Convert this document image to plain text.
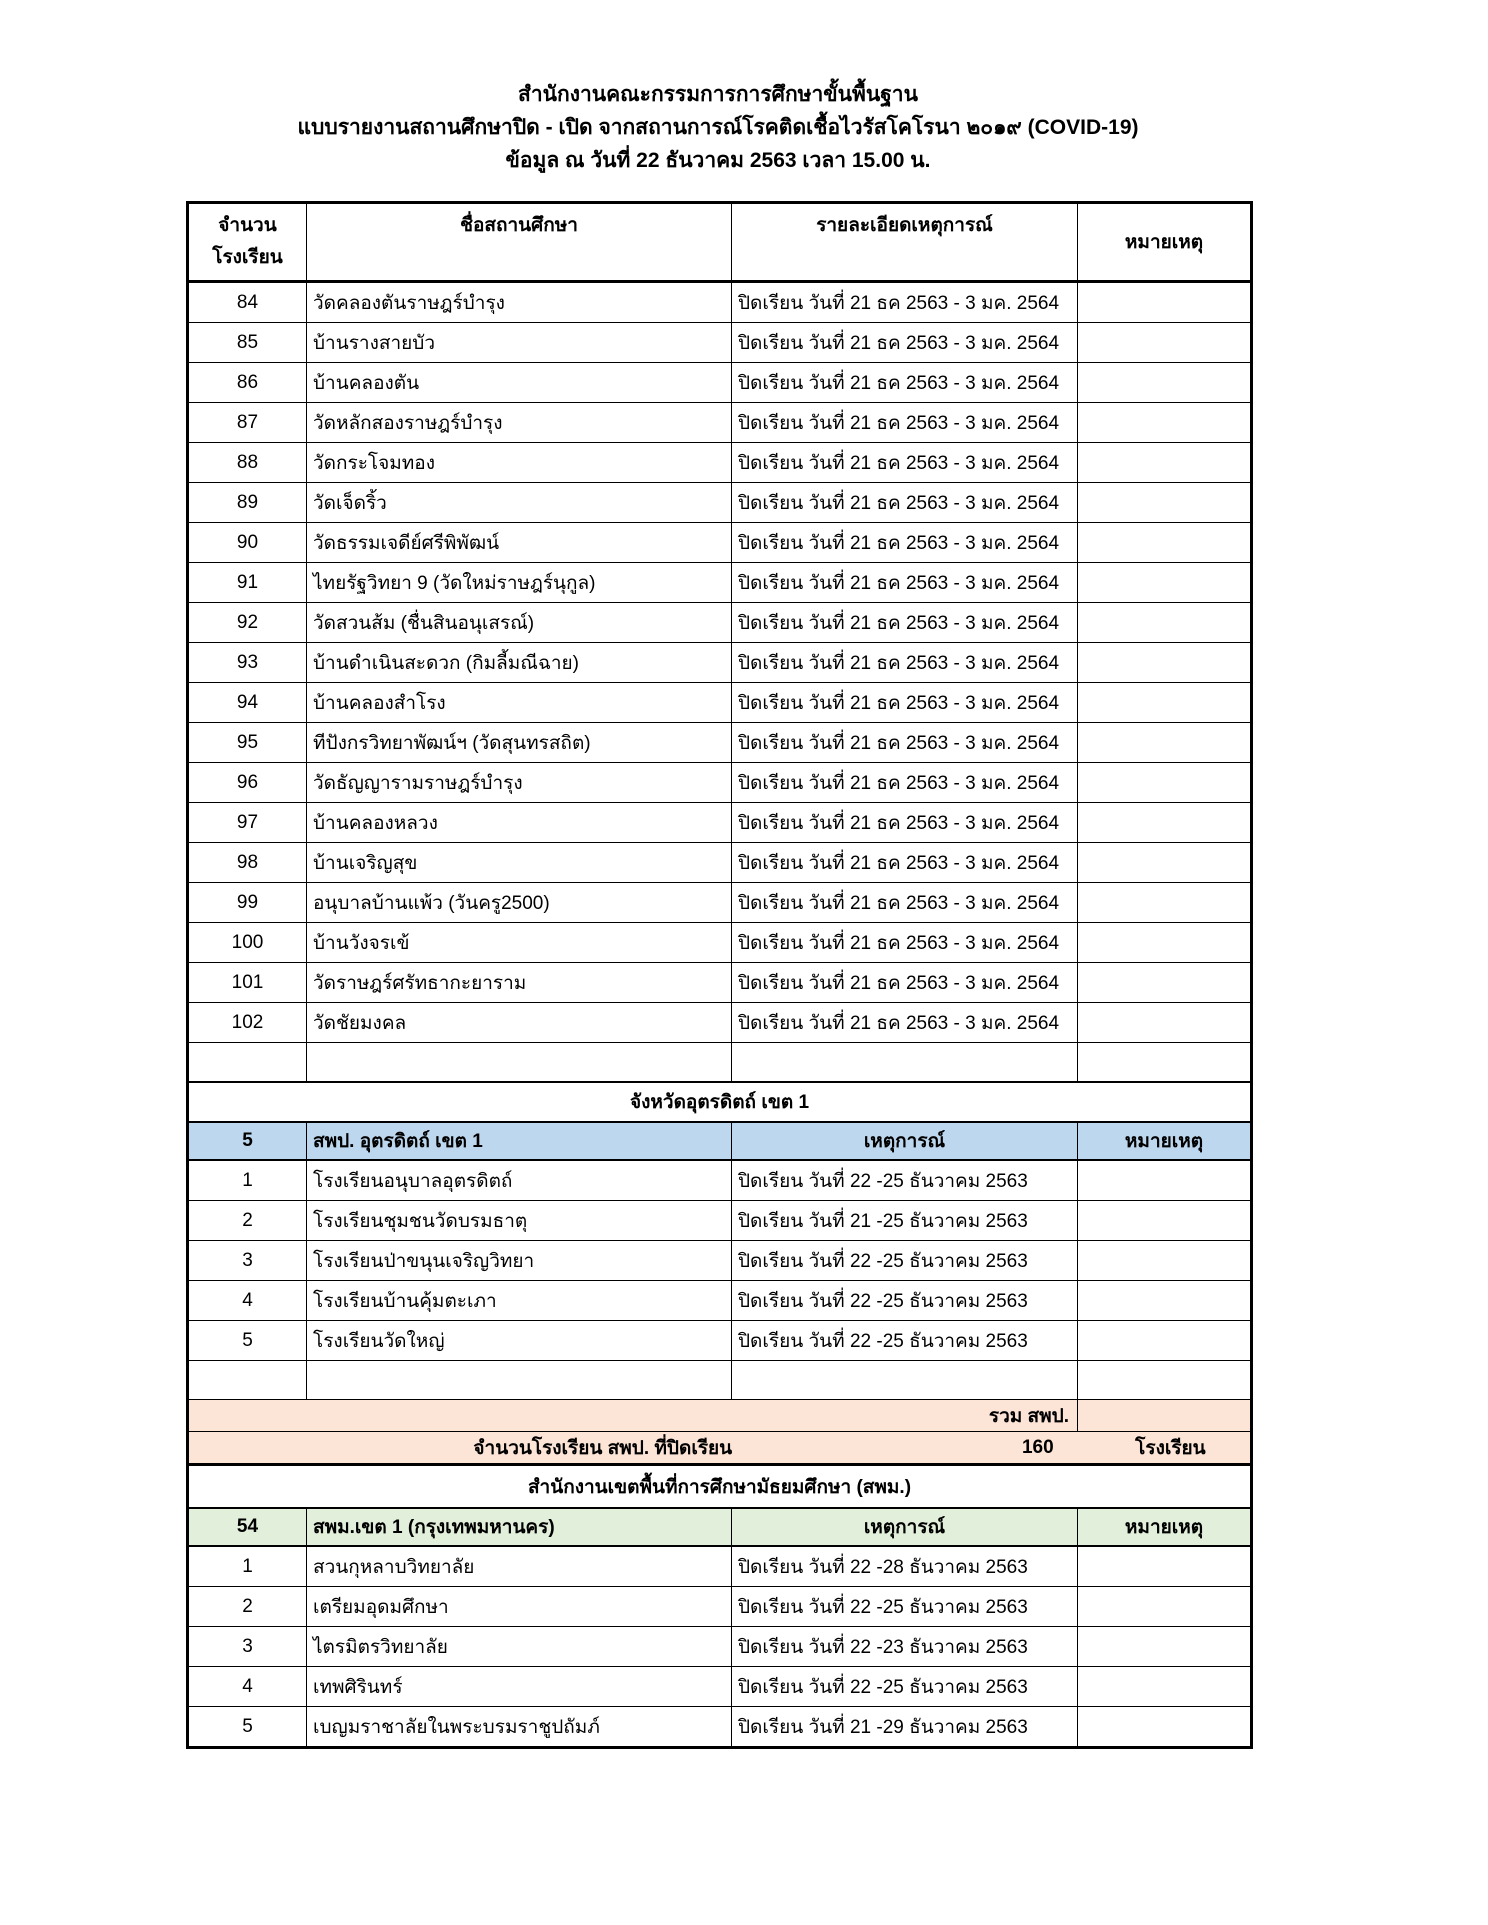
สำนักงานคณะกรรมการการศึกษาขั้นพื้นฐาน
แบบรายงานสถานศึกษาปิด - เปิด จากสถานการณ์โรคติดเชื้อไวรัสโคโรนา ๒๐๑๙ (COVID-19)
ข้อมูล ณ วันที่ 22 ธันวาคม 2563 เวลา 15.00 น.
จำนวน
โรงเรียน	ชื่อสถานศึกษา	รายละเอียดเหตุการณ์	หมายเหตุ
84	วัดคลองตันราษฎร์บำรุง	ปิดเรียน วันที่ 21 ธค 2563 - 3 มค. 2564	
85	บ้านรางสายบัว	ปิดเรียน วันที่ 21 ธค 2563 - 3 มค. 2564	
86	บ้านคลองตัน	ปิดเรียน วันที่ 21 ธค 2563 - 3 มค. 2564	
87	วัดหลักสองราษฎร์บำรุง	ปิดเรียน วันที่ 21 ธค 2563 - 3 มค. 2564	
88	วัดกระโจมทอง	ปิดเรียน วันที่ 21 ธค 2563 - 3 มค. 2564	
89	วัดเจ็ดริ้ว	ปิดเรียน วันที่ 21 ธค 2563 - 3 มค. 2564	
90	วัดธรรมเจดีย์ศรีพิพัฒน์	ปิดเรียน วันที่ 21 ธค 2563 - 3 มค. 2564	
91	ไทยรัฐวิทยา 9 (วัดใหม่ราษฎร์นุกูล)	ปิดเรียน วันที่ 21 ธค 2563 - 3 มค. 2564	
92	วัดสวนส้ม (ชื่นสินอนุเสรณ์)	ปิดเรียน วันที่ 21 ธค 2563 - 3 มค. 2564	
93	บ้านดำเนินสะดวก (กิมลี้มณีฉาย)	ปิดเรียน วันที่ 21 ธค 2563 - 3 มค. 2564	
94	บ้านคลองสำโรง	ปิดเรียน วันที่ 21 ธค 2563 - 3 มค. 2564	
95	ทีปังกรวิทยาพัฒน์ฯ (วัดสุนทรสถิต)	ปิดเรียน วันที่ 21 ธค 2563 - 3 มค. 2564	
96	วัดธัญญารามราษฎร์บำรุง	ปิดเรียน วันที่ 21 ธค 2563 - 3 มค. 2564	
97	บ้านคลองหลวง	ปิดเรียน วันที่ 21 ธค 2563 - 3 มค. 2564	
98	บ้านเจริญสุข	ปิดเรียน วันที่ 21 ธค 2563 - 3 มค. 2564	
99	อนุบาลบ้านแพ้ว (วันครู2500)	ปิดเรียน วันที่ 21 ธค 2563 - 3 มค. 2564	
100	บ้านวังจรเข้	ปิดเรียน วันที่ 21 ธค 2563 - 3 มค. 2564	
101	วัดราษฎร์ศรัทธากะยาราม	ปิดเรียน วันที่ 21 ธค 2563 - 3 มค. 2564	
102	วัดชัยมงคล	ปิดเรียน วันที่ 21 ธค 2563 - 3 มค. 2564	

จังหวัดอุตรดิตถ์ เขต 1			
5	สพป. อุตรดิตถ์ เขต 1	เหตุการณ์	หมายเหตุ
1	โรงเรียนอนุบาลอุตรดิตถ์	ปิดเรียน วันที่ 22 -25 ธันวาคม 2563	
2	โรงเรียนชุมชนวัดบรมธาตุ	ปิดเรียน วันที่ 21 -25 ธันวาคม 2563	
3	โรงเรียนป่าขนุนเจริญวิทยา	ปิดเรียน วันที่ 22 -25 ธันวาคม 2563	
4	โรงเรียนบ้านคุ้มตะเภา	ปิดเรียน วันที่ 22 -25 ธันวาคม 2563	
5	โรงเรียนวัดใหญ่	ปิดเรียน วันที่ 22 -25 ธันวาคม 2563	

รวม สพป.			

จำนวนโรงเรียน สพป. ที่ปิดเรียน 160 โรงเรียน			

สำนักงานเขตพื้นที่การศึกษามัธยมศึกษา (สพม.)			
54	สพม.เขต 1 (กรุงเทพมหานคร)	เหตุการณ์	หมายเหตุ
1	สวนกุหลาบวิทยาลัย	ปิดเรียน วันที่ 22 -28 ธันวาคม 2563	
2	เตรียมอุดมศึกษา	ปิดเรียน วันที่ 22 -25 ธันวาคม 2563	
3	ไตรมิตรวิทยาลัย	ปิดเรียน วันที่ 22 -23 ธันวาคม 2563	
4	เทพศิรินทร์	ปิดเรียน วันที่ 22 -25 ธันวาคม 2563	
5	เบญมราชาลัยในพระบรมราชูปถัมภ์	ปิดเรียน วันที่ 21 -29 ธันวาคม 2563	
